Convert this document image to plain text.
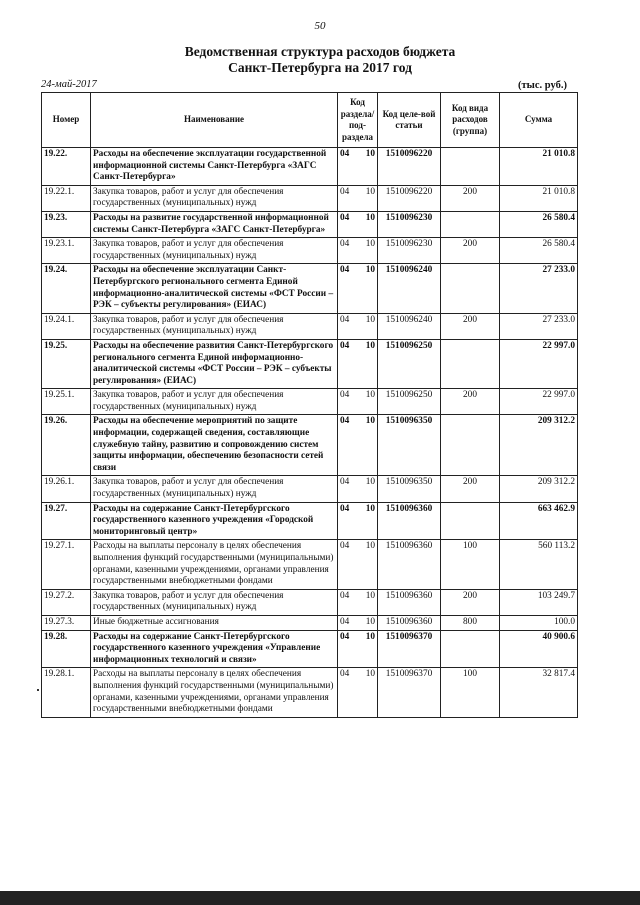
50
Ведомственная структура расходов бюджета
Санкт-Петербурга на 2017 год
24-май-2017	(тыс. руб.)
Номер	Наименование	Код раздела/ под-раздела	Код целе-вой статьи	Код вида расходов (группа)	Сумма
19.22.	Расходы на обеспечение эксплуатации государственной информационной системы Санкт-Петербурга «ЗАГС Санкт-Петербурга»	04 10	1510096220		21 010.8
19.22.1.	Закупка товаров, работ и услуг для обеспечения государственных (муниципальных) нужд	04 10	1510096220	200	21 010.8
19.23.	Расходы на развитие государственной информационной системы Санкт-Петербурга «ЗАГС Санкт-Петербурга»	04 10	1510096230		26 580.4
19.23.1.	Закупка товаров, работ и услуг для обеспечения государственных (муниципальных) нужд	04 10	1510096230	200	26 580.4
19.24.	Расходы на обеспечение эксплуатации Санкт-Петербургского регионального сегмента Единой информационно-аналитической системы «ФСТ России – РЭК – субъекты регулирования» (ЕИАС)	04 10	1510096240		27 233.0
19.24.1.	Закупка товаров, работ и услуг для обеспечения государственных (муниципальных) нужд	04 10	1510096240	200	27 233.0
19.25.	Расходы на обеспечение развития Санкт-Петербургского регионального сегмента Единой информационно-аналитической системы «ФСТ России – РЭК – субъекты регулирования» (ЕИАС)	04 10	1510096250		22 997.0
19.25.1.	Закупка товаров, работ и услуг для обеспечения государственных (муниципальных) нужд	04 10	1510096250	200	22 997.0
19.26.	Расходы на обеспечение мероприятий по защите информации, содержащей сведения, составляющие служебную тайну, развитию и сопровождению систем защиты информации, обеспечению безопасности сетей связи	04 10	1510096350		209 312.2
19.26.1.	Закупка товаров, работ и услуг для обеспечения государственных (муниципальных) нужд	04 10	1510096350	200	209 312.2
19.27.	Расходы на содержание Санкт-Петербургского государственного казенного учреждения «Городской мониторинговый центр»	04 10	1510096360		663 462.9
19.27.1.	Расходы на выплаты персоналу в целях обеспечения выполнения функций государственными (муниципальными) органами, казенными учреждениями, органами управления государственными внебюджетными фондами	04 10	1510096360	100	560 113.2
19.27.2.	Закупка товаров, работ и услуг для обеспечения государственных (муниципальных) нужд	04 10	1510096360	200	103 249.7
19.27.3.	Иные бюджетные ассигнования	04 10	1510096360	800	100.0
19.28.	Расходы на содержание Санкт-Петербургского государственного казенного учреждения «Управление информационных технологий и связи»	04 10	1510096370		40 900.6
19.28.1.	Расходы на выплаты персоналу в целях обеспечения выполнения функций государственными (муниципальными) органами, казенными учреждениями, органами управления государственными внебюджетными фондами	04 10	1510096370	100	32 817.4
